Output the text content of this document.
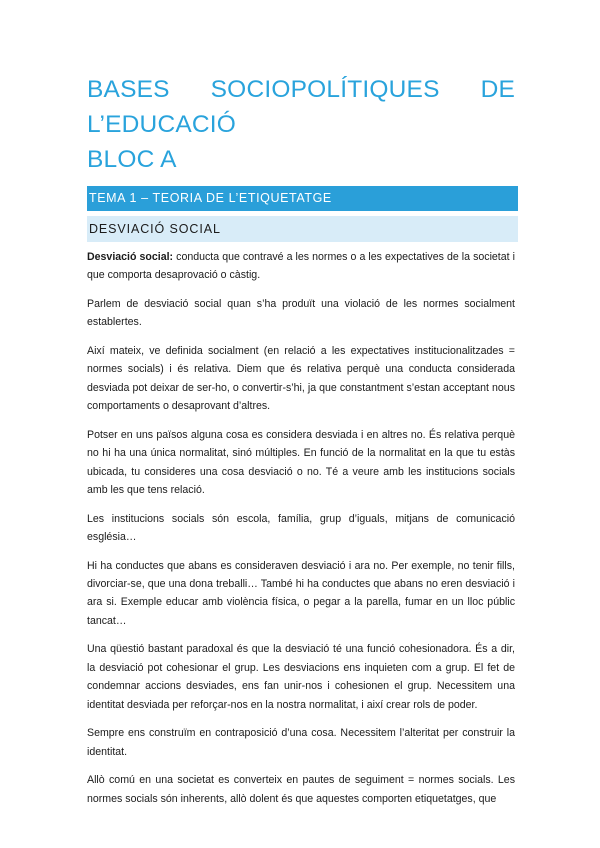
BASES SOCIOPOLÍTIQUES DE
L’EDUCACIÓ
BLOC A
TEMA 1 – TEORIA DE L’ETIQUETATGE
DESVIACIÓ SOCIAL

Desviació social: conducta que contravé a les normes o a les expectatives de la societat i que comporta desaprovació o càstig.

Parlem de desviació social quan s’ha produït una violació de les normes socialment establertes.

Així mateix, ve definida socialment (en relació a les expectatives institucionalitzades = normes socials) i és relativa. Diem que és relativa perquè una conducta considerada desviada pot deixar de ser-ho, o convertir-s’hi, ja que constantment s’estan acceptant nous comportaments o desaprovant d’altres.

Potser en uns països alguna cosa es considera desviada i en altres no. És relativa perquè no hi ha una única normalitat, sinó múltiples. En funció de la normalitat en la que tu estàs ubicada, tu consideres una cosa desviació o no. Té a veure amb les institucions socials amb les que tens relació.

Les institucions socials són escola, família, grup d’iguals, mitjans de comunicació església…

Hi ha conductes que abans es consideraven desviació i ara no. Per exemple, no tenir fills, divorciar-se, que una dona treballi… També hi ha conductes que abans no eren desviació i ara si. Exemple educar amb violència física, o pegar a la parella, fumar en un lloc públic tancat…

Una qüestió bastant paradoxal és que la desviació té una funció cohesionadora. És a dir, la desviació pot cohesionar el grup. Les desviacions ens inquieten com a grup. El fet de condemnar accions desviades, ens fan unir-nos i cohesionen el grup. Necessitem una identitat desviada per reforçar-nos en la nostra normalitat, i així crear rols de poder.

Sempre ens construïm en contraposició d’una cosa. Necessitem l’alteritat per construir la identitat.

Allò comú en una societat es converteix en pautes de seguiment = normes socials. Les normes socials són inherents, allò dolent és que aquestes comporten etiquetatges, que
